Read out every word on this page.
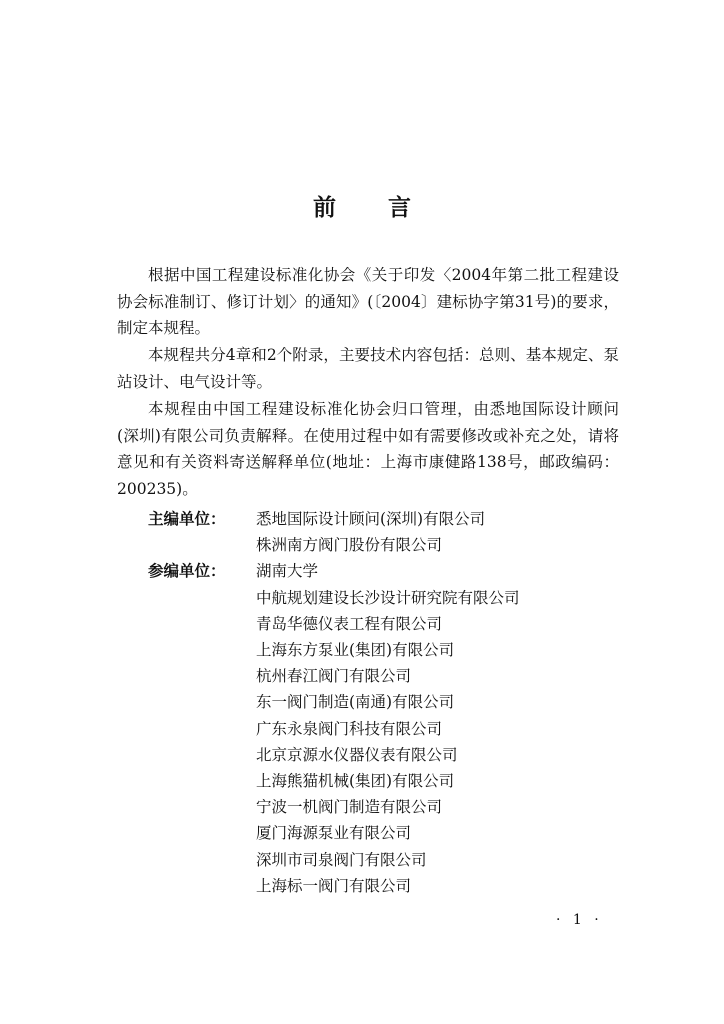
前言

根据中国工程建设标准化协会《关于印发〈2004年第二批工程建设协会标准制订、修订计划〉的通知》(〔2004〕建标协字第31号)的要求，制定本规程。

本规程共分4章和2个附录，主要技术内容包括：总则、基本规定、泵站设计、电气设计等。

本规程由中国工程建设标准化协会归口管理，由悉地国际设计顾问(深圳)有限公司负责解释。在使用过程中如有需要修改或补充之处，请将意见和有关资料寄送解释单位(地址：上海市康健路138号，邮政编码：200235)。

主编单位：	悉地国际设计顾问(深圳)有限公司
株洲南方阀门股份有限公司
参编单位：	湖南大学
中航规划建设长沙设计研究院有限公司
青岛华德仪表工程有限公司
上海东方泵业(集团)有限公司
杭州春江阀门有限公司
东一阀门制造(南通)有限公司
广东永泉阀门科技有限公司
北京京源水仪器仪表有限公司
上海熊猫机械(集团)有限公司
宁波一机阀门制造有限公司
厦门海源泵业有限公司
深圳市司泉阀门有限公司
上海标一阀门有限公司
· 1 ·
